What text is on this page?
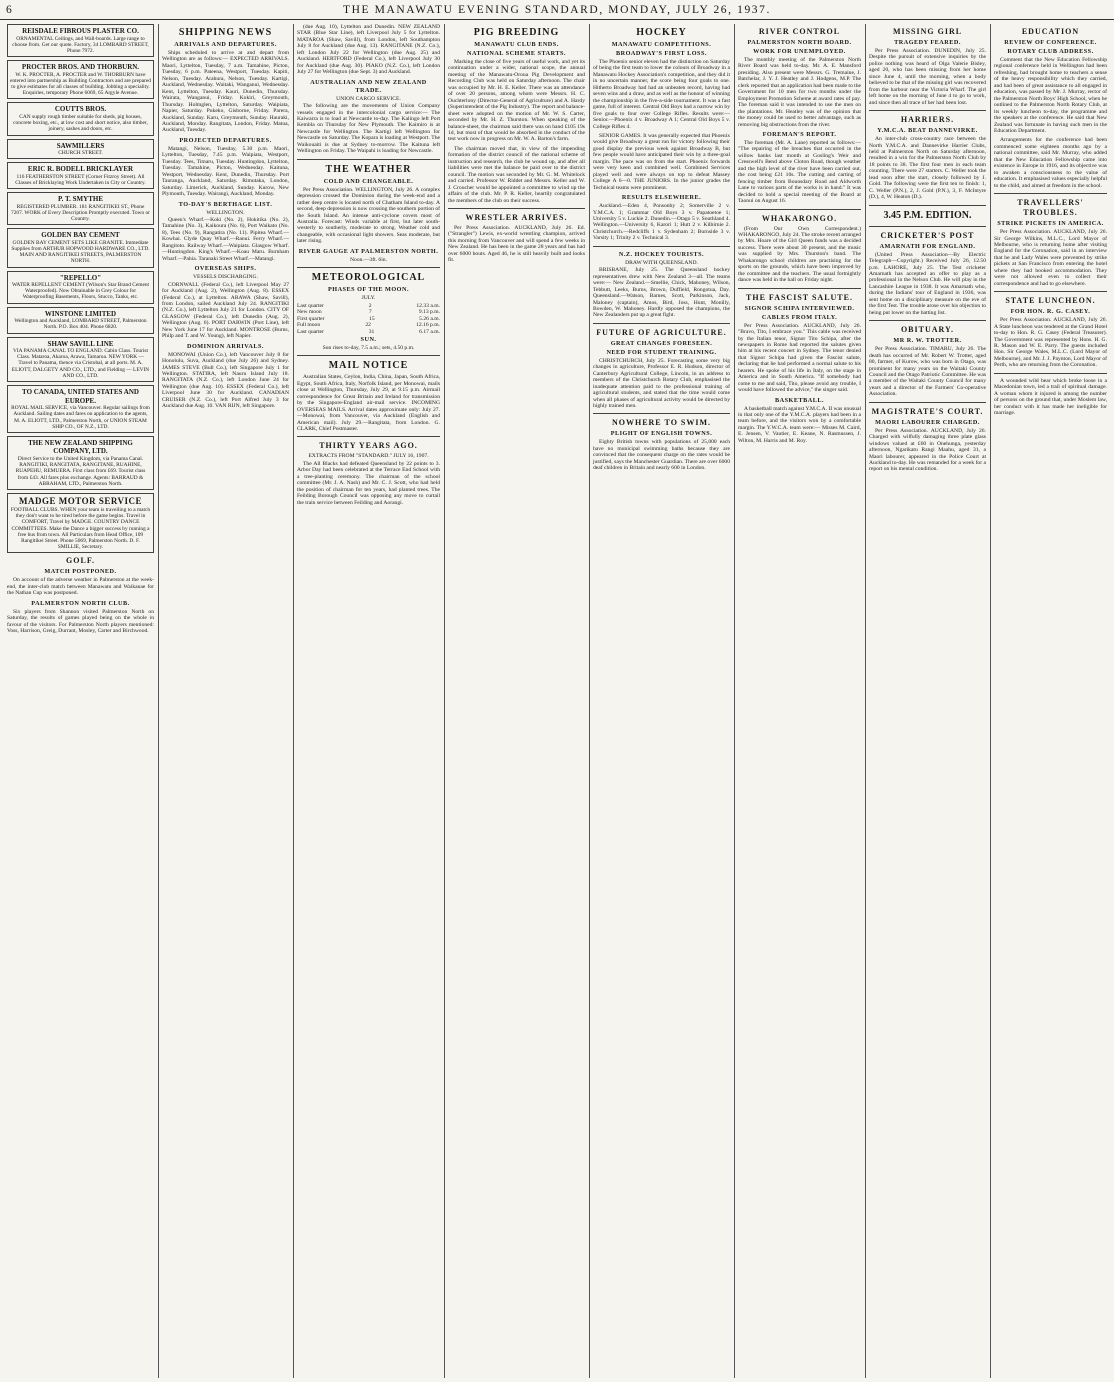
6	THE MANAWATU EVENING STANDARD, MONDAY, JULY 26, 1937.
REISDALE FIBROUS PLASTER CO.
ORNAMENTAL Ceilings, and Wall-boards. Large range to choose from. Get our quote. Factory, 34 LOMBARD STREET, Phone 7972.
PROCTER BROS. AND THORBURN.
W. K. PROCTER, A. PROCTER and W. THORBURN have entered into partnership as Building Contractors and are prepared to give estimates for all classes of building. Jobbing a speciality. Enquiries, temporary Phone 6069, 65 Argyle Avenue.
COUTTS BROS.
CAN supply rough timber suitable for sheds, pig houses, concrete boxing, etc., at low cost and short notice, also timber, joinery, sashes and doors, etc.
SAWMILLERS
CHURCH STREET.
ERIC R. BODELL BRICKLAYER
116 FEATHERSTON STREET (Corner Fitzroy Street). All Classes of Bricklaying Work Undertaken in City or Country.
P. T. SMYTHE
REGISTERED PLUMBER. 181 RANGITIKEI ST., Phone 7207. WORK of Every Description Promptly executed. Town or Country.
GOLDEN BAY CEMENT
GOLDEN BAY CEMENT SETS LIKE GRANITE. Immediate Supplies from ARTHUR HOPWOOD HARDWARE CO., LTD. MAIN AND RANGITIKEI STREETS, PALMERSTON NORTH.
"REPELLO"
WATER REPELLENT CEMENT (Wilson's Star Brand Cement Waterproofed). Now Obtainable in Grey Colour for Waterproofing Basements, Floors, Stucco, Tanks, etc.
WINSTONE LIMITED
Wellington and Auckland, LOMBARD STREET, Palmerston North. P.O. Box 404. Phone 6820.
SHAW SAVILL LINE
VIA PANAMA CANAL TO ENGLAND. Cabin Class. Tourist Class. Mataroa, Akaroa, Arawa, Tamaroa. NEW YORK — Travel to Panama, thence via Cristobal, at all ports. M. A. ELIOTT, DALGETY AND CO., LTD., and Fielding — LEVIN AND CO., LTD.
TO CANADA, UNITED STATES AND EUROPE.
ROYAL MAIL SERVICE, via Vancouver. Regular sailings from Auckland. Sailing dates and fares on application to the agents, M. A. ELIOTT, LTD., Palmerston North, or UNION STEAM SHIP CO., OF N.Z., LTD.
THE NEW ZEALAND SHIPPING COMPANY, LTD.
Direct Service to the United Kingdom, via Panama Canal. RANGITIKI, RANGITATA, RANGITANE, RUAHINE, RUAPEHU, REMUERA. First class from £69. Tourist class from £43. All fares plus exchange. Agents: BARRAUD & ABRAHAM, LTD., Palmerston North.
MADGE MOTOR SERVICE
FOOTBALL CLUBS. WHEN your team is travelling to a match they don't want to be tired before the game begins. Travel in COMFORT, Travel by MADGE. COUNTRY DANCE COMMITTEES. Make the Dance a bigger success by running a free bus from town. All Particulars from Head Office, 109 Rangitikei Street. Phone 5069, Palmerston North. D. F. SMILLIE, Secretary.
GOLF.
MATCH POSTPONED.
On account of the adverse weather in Palmerston at the week-end, the inter-club match between Manawatu and Waikanae for the Nathan Cup was postponed.
PALMERSTON NORTH CLUB.
Six players from Shannon visited Palmerston North on Saturday, the results of games played being on the whole in favour of the visitors. For Palmerston North players mentioned: Voss, Harrison, Greig, Durrant, Mosley, Carter and Birchwood.
SHIPPING NEWS
ARRIVALS AND DEPARTURES.
Ships scheduled to arrive at and depart from Wellington are as follows:— EXPECTED ARRIVALS. Maori, Lyttelton, Tuesday, 7 a.m. Tamahine, Picton, Tuesday, 6 p.m. Pateena, Westport, Tuesday. Kapiti, Nelson, Tuesday. Arahura, Nelson, Tuesday. Kartigi, Auckland, Wednesday. Waitaki, Wanganui, Wednesday. Kent, Lyttelton, Tuesday. Kauri, Dunedin, Thursday. Wairata, Wanganui, Friday. Kokiri, Greymouth, Thursday. Holmglen, Lyttelton, Saturday. Waipiata, Napier, Saturday. Pukeko, Gisborne, Friday. Parera, Auckland, Sunday. Karu, Greymouth, Sunday. Hauraki, Auckland, Monday. Rangitata, London, Friday. Matua, Auckland, Tuesday.
PROJECTED DEPARTURES.
Matangi, Nelson, Tuesday, 5.30 p.m. Maori, Lyttelton, Tuesday, 7.45 p.m. Waipiata, Westport, Tuesday. Tees, Timaru, Tuesday. Huntingdon, Lyttelton, Tuesday. Tamahine, Picton, Wednesday. Kaituna, Westport, Wednesday. Kent, Dunedin, Thursday. Port Tauranga, Auckland, Saturday. Rimutaka, London, Saturday. Limerick, Auckland, Sunday. Kurow, New Plymouth, Tuesday. Wairangi, Auckland, Monday.
TO-DAY'S BERTHAGE LIST.
WELLINGTON.
Queen's Wharf.—Koki (No. 2), Hokitika (No. 2), Tamahine (No. 3), Kaikoura (No. 6), Port Waikato (No. 8), Tees (No. 9), Rangatira (No. 11). Pipitea Wharf.—Kowhai. Clyde Quay Wharf.—Ranui. Ferry Wharf.—Rangitoto. Railway Wharf.—Waipiata. Glasgow Wharf.—Huntingdon. King's Wharf.—Koau Maru. Burnham Wharf.—Pahia. Taranaki Street Wharf.—Matangi.
OVERSEAS SHIPS.
VESSELS DISCHARGING.
CORNWALL (Federal Co.), left Liverpool May 27 for Auckland (Aug. 2), Wellington (Aug. 8). ESSEX (Federal Co.), at Lyttelton. ARAWA (Shaw, Savill), from London, sailed Auckland July 24. RANGITIKI (N.Z. Co.), left Lyttelton July 21 for London. CITY OF GLASGOW (Federal Co.), left Dunedin (Aug. 2), Wellington (Aug. 6). PORT DARWIN (Port Line), left New York June 17 for Auckland. MONTROSE (Burns, Philp and T. and W. Young), left Napier.
DOMINION ARRIVALS.
MONOWAI (Union Co.), left Vancouver July 8 for Honolulu, Suva, Auckland (due July 26) and Sydney. JAMES STEVE (Bull Co.), left Singapore July 1 for Wellington. STATIRA, left Nauru Island July 18. RANGITATA (N.Z. Co.), left London June 24 for Wellington (due Aug. 10). ESSEX (Federal Co.), left Liverpool June 30 for Auckland. CANADIAN CRUISER (N.Z. Co.), left Port Alfred July 3 for Auckland due Aug. 10. VAN RIJN, left Singapore.
(due Aug. 10), Lyttelton and Dunedin. NEW ZEALAND STAR (Blue Star Line), left Liverpool July 5 for Lyttelton. MATAROA (Shaw, Savill), from London, left Southampton July 8 for Auckland (due Aug. 13). RANGITANE (N.Z. Co.), left London July 22 for Wellington (due Aug. 25) and Auckland. HERTFORD (Federal Co.), left Liverpool July 30 for Auckland (due Aug. 30). PIAKO (N.Z. Co.), left London July 27 for Wellington (due Sept. 3) and Auckland.
AUSTRALIAN AND NEW ZEALAND TRADE.
UNION CARGO SERVICE.
The following are the movements of Union Company vessels engaged in the intercolonial cargo service:— The Kaiwarra is to load at Newcastle to-day. The Kalingo left Port Kembla on Thursday for New Plymouth. The Kaimiro is at Newcastle for Wellington. The Kartigi left Wellington for Newcastle on Saturday. The Kopara is loading at Westport. The Waikouaiti is due at Sydney to-morrow. The Kaituna left Wellington on Friday. The Waipahi is loading for Newcastle.
THE WEATHER
COLD AND CHANGEABLE.
Per Press Association. WELLINGTON, July 26. A complex depression crossed the Dominion during the week-end and a rather deep centre is located north of Chatham Island to-day. A second, deep depression is now crossing the southern portion of the South Island. An intense anti-cyclone covers most of Australia. Forecast: Winds variable at first, but later south-westerly to southerly, moderate to strong. Weather cold and changeable, with occasional light showers. Seas moderate, but later rising.
RIVER GAUGE AT PALMERSTON NORTH.
Noon.—3ft. 6in.
METEOROLOGICAL
PHASES OF THE MOON.
JULY.
Last quarter	2	12.33 a.m.
New moon	7	9.13 p.m.
First quarter	15	5.26 a.m.
Full moon	22	12.16 p.m.
Last quarter	31	6.17 a.m.
SUN.
Sun rises to-day, 7.5 a.m.; sets, 4.50 p.m.
MAIL NOTICE
Australian States, Ceylon, India, China, Japan, South Africa, Egypt, South Africa, Italy, Norfolk Island, per Monowai, mails close at Wellington, Thursday, July 29, at 9.15 p.m. Airmail correspondence for Great Britain and Ireland for transmission by the Singapore-England air-mail service. INCOMING OVERSEAS MAILS. Arrival dates approximate only: July 27.—Monowai, from Vancouver, via Auckland (English and American mail). July 29.—Rangitata, from London. G. CLARK, Chief Postmaster.
THIRTY YEARS AGO.
EXTRACTS FROM "STANDARD." JULY 16, 1907.
The All Blacks had defeated Queensland by 22 points to 3. Arbor Day had been celebrated at the Terrace End School with a tree-planting ceremony. The chairman of the school committee (Mr. J. A. Nash) and Mr. C. J. Scott, who had held the position of chairman for ten years, had planted trees. The Feilding Borough Council was opposing any move to curtail the train service between Feilding and Aorangi.
PIG BREEDING
MANAWATU CLUB ENDS.
NATIONAL SCHEME STARTS.
Marking the close of five years of useful work, and yet its continuation under a wider, national scope, the annual meeting of the Manawatu-Oroua Pig Development and Recording Club was held on Saturday afternoon. The chair was occupied by Mr. H. E. Keller. There was an attendance of over 20 persons, among whom were Messrs. H. C. Ouchterlony (Director-General of Agriculture) and A. Hardy (Superintendent of the Pig Industry). The report and balance-sheet were adopted on the motion of Mr. W. S. Carter, seconded by Mr. H. Z. Thurston. When speaking of the balance-sheet, the chairman said there was on hand £105 19s 1d, but most of that would be absorbed in the conduct of the test work now in progress on Mr. W. A. Barton's farm.
The chairman moved that, in view of the impending formation of the district council of the national scheme of instruction and research, the club be wound up, and after all liabilities were met the balance be paid over to the district council. The motion was seconded by Mr. G. M. Whitelock and carried. Professor W. Riddet and Messrs. Keller and W. J. Croucher would be appointed a committee to wind up the affairs of the club. Mr. P. R. Keller, heartily congratulated the members of the club on their success.
WRESTLER ARRIVES.
Per Press Association. AUCKLAND, July 26. Ed. ("Strangler") Lewis, ex-world wrestling champion, arrived this morning from Vancouver and will spend a few weeks in New Zealand. He has been in the game 28 years and has had over 6000 bouts. Aged 46, he is still heavily built and looks fit.
HOCKEY
MANAWATU COMPETITIONS.
BROADWAY'S FIRST LOSS.
The Phoenix senior eleven had the distinction on Saturday of being the first team to lower the colours of Broadway in a Manawatu Hockey Association's competition, and they did it in no uncertain manner, the score being four goals to one. Hitherto Broadway had had an unbeaten record, having had seven wins and a draw, and as well as the honour of winning the championship in the five-a-side tournament. It was a fast game, full of interest. Central Old Boys had a narrow win by five goals to four over College Rifles. Results were:— Senior.—Phoenix 4 v. Broadway A 1; Central Old Boys 5 v. College Rifles 4.
SENIOR GAMES. It was generally expected that Phoenix would give Broadway a great run for victory following their good display the previous week against Broadway B, but few people would have anticipated their win by a three-goal margin. The pace was on from the start. Phoenix forwards were very keen and combined well. Combined Services played well and were always on top to defeat Massey College A 6—0. THE JUNIORS. In the junior grades the Technical teams were prominent.
RESULTS ELSEWHERE.
Auckland.—Eden 4, Ponsonby 2; Somerville 2 v. Y.M.C.A. 1; Grammar Old Boys 3 v. Papatoetoe 1; University 5 v. Luckie 2. Dunedin.—Otago 5 v. Southland 4. Wellington.—University 6, Karori 1; Hutt 2 v. Kilbirnie 2. Christchurch.—Redcliffs 1 v. Sydenham 2; Burnside 3 v. Varsity 1; Trinity 2 v. Technical 3.
N.Z. HOCKEY TOURISTS.
DRAW WITH QUEENSLAND.
BRISBANE, July 25. The Queensland hockey representatives drew with New Zealand 3—all. The teams were:— New Zealand.—Smellie, Chick, Mahoney, Wilson, Tebbutt, Leeks, Burns, Brown, Duffield, Rongotua, Day. Queensland.—Watson, Barnes, Scott, Parkinson, Jack, Maloney (captain), Amos, Bird, Joss, Hunt, Monilly, Bowden, W. Mahoney. Hardly opposed the champions, the New Zealanders put up a great fight.
FUTURE OF AGRICULTURE.
GREAT CHANGES FORESEEN.
NEED FOR STUDENT TRAINING.
CHRISTCHURCH, July 25. Forecasting some very big changes in agriculture, Professor E. R. Hudson, director of Canterbury Agricultural College, Lincoln, in an address to members of the Christchurch Rotary Club, emphasised the inadequate attention paid to the professional training of agricultural students, and stated that the time would come when all phases of agricultural activity would be directed by highly trained men.
NOWHERE TO SWIM.
PLIGHT OF ENGLISH TOWNS.
Eighty British towns with populations of 25,000 each have no municipal swimming baths because they are convinced that the consequent charge on the rates would be justified, says the Manchester Guardian. There are over 6000 deaf children in Britain and nearly 600 in London.
RIVER CONTROL
PALMERSTON NORTH BOARD.
WORK FOR UNEMPLOYED.
The monthly meeting of the Palmerston North River Board was held to-day. Mr. A. E. Mansford presiding. Also present were Messrs. G. Tremaine, J. Batchelar, J. Y. J. Heatley and J. Hodgens, M.P. The clerk reported that an application had been made to the Government for 10 men for two months under the Employment Promotion Scheme at award rates of pay. The foreman said it was intended to use the men on the plantations. Mr. Heatley was of the opinion that the money could be used to better advantage, such as removing big obstructions from the river.
FOREMAN'S REPORT.
The foreman (Mr. A. Lane) reported as follows:— "The repairing of the breaches that occurred in the willow banks last month at Gosling's Weir and Cresswell's Bend above Cloton Road, though weather and the high level of the river have been carried out, the cost being £21 10s. The cutting and carting of fencing timber from Bounsdary Road and Aldworth Lane to various parts of the works is in hand." It was decided to hold a special meeting of the Board at Taonui on August 16.
WHAKARONGO.
(From Our Own Correspondent.) WHAKARONGO, July 24. The stroke recent arranged by Mrs. Hoare of the Girl Queen funds was a decided success. There were about 30 present, and the music was supplied by Mrs. Thurston's band. The Whakarongo school children are practising for the sports on the grounds, which have been improved by the committee and the teachers. The usual fortnightly dance was held in the hall on Friday night.
THE FASCIST SALUTE.
SIGNOR SCHIPA INTERVIEWED.
CABLES FROM ITALY.
Per Press Association. AUCKLAND, July 26. "Bravo, Tito, I embrace you." This cable was received by the Italian tenor, Signor Tito Schipa, after the newspapers in Rome had reported the salutes given him at his recent concert in Sydney. The tenor denied that Signor Schipa had given the Fascist salute, declaring that he had performed a normal salute to his hearers. He spoke of his life in Italy, on the stage in America and in South America. "If somebody had come to me and said, Tito, please avoid any trouble, I would have followed the advice," the singer said.
BASKETBALL.
A basketball match against Y.M.C.A. II was unusual in that only one of the Y.M.C.A. players had been in a team before, and the visitors won by a comfortable margin. The Y.W.C.A. team were:— Misses M. Caird, E. Jensen, V. Vautier, E. Keane, N. Rasmussen, J. Wilton, M. Harris and M. Roy.
MISSING GIRL
TRAGEDY FEARED.
Per Press Association. DUNEDIN, July 25. Despite the pursuit of extensive inquiries by the police nothing was heard of Olga Valerie Bisley, aged 20, who has been missing from her home since June 4, until the morning, when a body believed to be that of the missing girl was recovered from the harbour near the Victoria Wharf. The girl left home on the morning of June 4 to go to work, and since then all trace of her had been lost.
HARRIERS.
Y.M.C.A. BEAT DANNEVIRKE.
An inter-club cross-country race between the North Y.M.C.A. and Dannevirke Harrier Clubs, held at Palmerston North on Saturday afternoon, resulted in a win for the Palmerston North Club by 18 points to 38. The first four men in each team counting. There were 27 starters. C. Weller took the lead soon after the start, closely followed by J. Gold. The following were the first ten to finish: 1, C. Weller (P.N.), 2, J. Gold (P.N.), 3, F. McIntyre (D.), 4, W. Heaton (D.).
3.45 P.M. EDITION.
CRICKETER'S POST
AMARNATH FOR ENGLAND.
(United Press Association—By Electric Telegraph—Copyright.) Received July 26, 12.50 p.m. LAHORE, July 25. The Test cricketer Amarnath has accepted an offer to play as a professional in the Nelson Club. He will play in the Lancashire League in 1938. It was Amarnath who, during the Indians' tour of England in 1936, was sent home on a disciplinary measure on the eve of the first Test. The trouble arose over his objection to being put lower on the batting list.
OBITUARY.
MR R. W. TROTTER.
Per Press Association. TIMARU, July 26. The death has occurred of Mr. Robert W. Trotter, aged 80, farmer, of Kurow, who was born in Otago, was prominent for many years on the Waitaki County Council and the Otago Patriotic Committee. He was a member of the Waitaki County Council for many years and a director of the Farmers' Co-operative Association.
MAGISTRATE'S COURT.
MAORI LABOURER CHARGED.
Per Press Association. AUCKLAND, July 26. Charged with wilfully damaging three plate glass windows valued at £60 in Onehunga, yesterday afternoon, Ngarikatu Rangi Maahu, aged 31, a Maori labourer, appeared in the Police Court at Auckland to-day. He was remanded for a week for a report on his mental condition.
EDUCATION
REVIEW OF CONFERENCE.
ROTARY CLUB ADDRESS.
Comment that the New Education Fellowship regional conference held in Wellington had been refreshing, had brought home to teachers a sense of the heavy responsibility which they carried, and had been of great assistance to all engaged in education, was passed by Mr. J. Murray, rector of the Palmerston North Boys' High School, when he outlined to the Palmerston North Rotary Club, at its weekly luncheon to-day, the programme and the speakers at the conference. He said that New Zealand was fortunate in having such men in the Education Department.
Arrangements for the conference had been commenced some eighteen months ago by a national committee, said Mr. Murray, who added that the New Education Fellowship came into existence in Europe in 1916, and its objective was to awaken a consciousness to the value of education. It emphasised values especially helpful to the child, and aimed at freedom in the school.
TRAVELLERS' TROUBLES.
STRIKE PICKETS IN AMERICA.
Per Press Association. AUCKLAND, July 26. Sir George Wilkins, M.L.C., Lord Mayor of Melbourne, who is returning home after visiting England for the Coronation, said in an interview that he and Lady Wales were prevented by strike pickets at San Francisco from entering the hotel where they had booked accommodation. They were not allowed even to collect their correspondence and had to go elsewhere.
STATE LUNCHEON.
FOR HON. R. G. CASEY.
Per Press Association. AUCKLAND, July 26. A State luncheon was tendered at the Grand Hotel to-day to Hon. R. G. Casey (Federal Treasurer). The Government was represented by Hons. H. G. R. Mason and W. E. Parry. The guests included Hon. Sir George Wales, M.L.C. (Lord Mayor of Melbourne), and Mr. J. J. Paynton, Lord Mayor of Perth, who are returning from the Coronation.
A wounded wild bear which broke loose in a Macedonian town, led a trail of spiritual damage. A woman whom it injured is among the number of persons on the ground that, under Moslem law, her conduct with it has made her ineligible for marriage.
